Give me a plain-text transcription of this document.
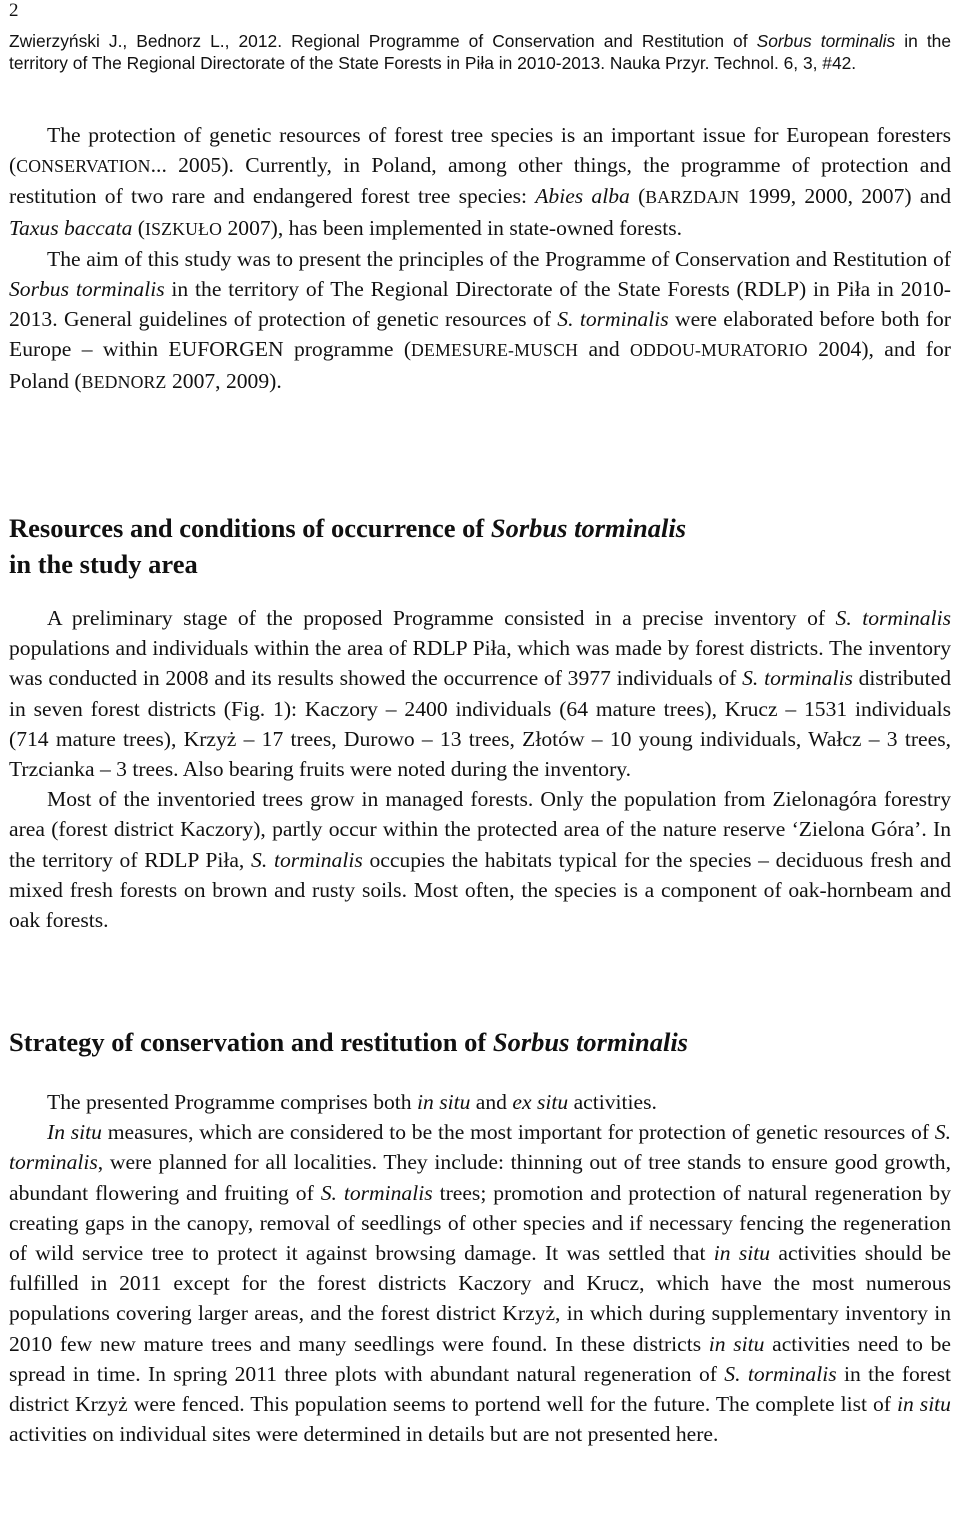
2
Zwierzyński J., Bednorz L., 2012. Regional Programme of Conservation and Restitution of Sorbus torminalis in the territory of The Regional Directorate of the State Forests in Piła in 2010-2013. Nauka Przyr. Technol. 6, 3, #42.

The protection of genetic resources of forest tree species is an important issue for European foresters (CONSERVATION... 2005). Currently, in Poland, among other things, the programme of protection and restitution of two rare and endangered forest tree species: Abies alba (BARZDAJN 1999, 2000, 2007) and Taxus baccata (ISZKUŁO 2007), has been implemented in state-owned forests.

The aim of this study was to present the principles of the Programme of Conservation and Restitution of Sorbus torminalis in the territory of The Regional Directorate of the State Forests (RDLP) in Piła in 2010-2013. General guidelines of protection of genetic resources of S. torminalis were elaborated before both for Europe – within EUFORGEN programme (DEMESURE-MUSCH and ODDOU-MURATORIO 2004), and for Poland (BEDNORZ 2007, 2009).

Resources and conditions of occurrence of Sorbus torminalis
in the study area

A preliminary stage of the proposed Programme consisted in a precise inventory of S. torminalis populations and individuals within the area of RDLP Piła, which was made by forest districts. The inventory was conducted in 2008 and its results showed the occurrence of 3977 individuals of S. torminalis distributed in seven forest districts (Fig. 1): Kaczory – 2400 individuals (64 mature trees), Krucz – 1531 individuals (714 mature trees), Krzyż – 17 trees, Durowo – 13 trees, Złotów – 10 young individuals, Wałcz – 3 trees, Trzcianka – 3 trees. Also bearing fruits were noted during the inventory.

Most of the inventoried trees grow in managed forests. Only the population from Zielonagóra forestry area (forest district Kaczory), partly occur within the protected area of the nature reserve ‘Zielona Góra’. In the territory of RDLP Piła, S. torminalis occupies the habitats typical for the species – deciduous fresh and mixed fresh forests on brown and rusty soils. Most often, the species is a component of oak-hornbeam and oak forests.

Strategy of conservation and restitution of Sorbus torminalis

The presented Programme comprises both in situ and ex situ activities.

In situ measures, which are considered to be the most important for protection of genetic resources of S. torminalis, were planned for all localities. They include: thinning out of tree stands to ensure good growth, abundant flowering and fruiting of S. torminalis trees; promotion and protection of natural regeneration by creating gaps in the canopy, removal of seedlings of other species and if necessary fencing the regeneration of wild service tree to protect it against browsing damage. It was settled that in situ activities should be fulfilled in 2011 except for the forest districts Kaczory and Krucz, which have the most numerous populations covering larger areas, and the forest district Krzyż, in which during supplementary inventory in 2010 few new mature trees and many seedlings were found. In these districts in situ activities need to be spread in time. In spring 2011 three plots with abundant natural regeneration of S. torminalis in the forest district Krzyż were fenced. This population seems to portend well for the future. The complete list of in situ activities on individual sites were determined in details but are not presented here.
